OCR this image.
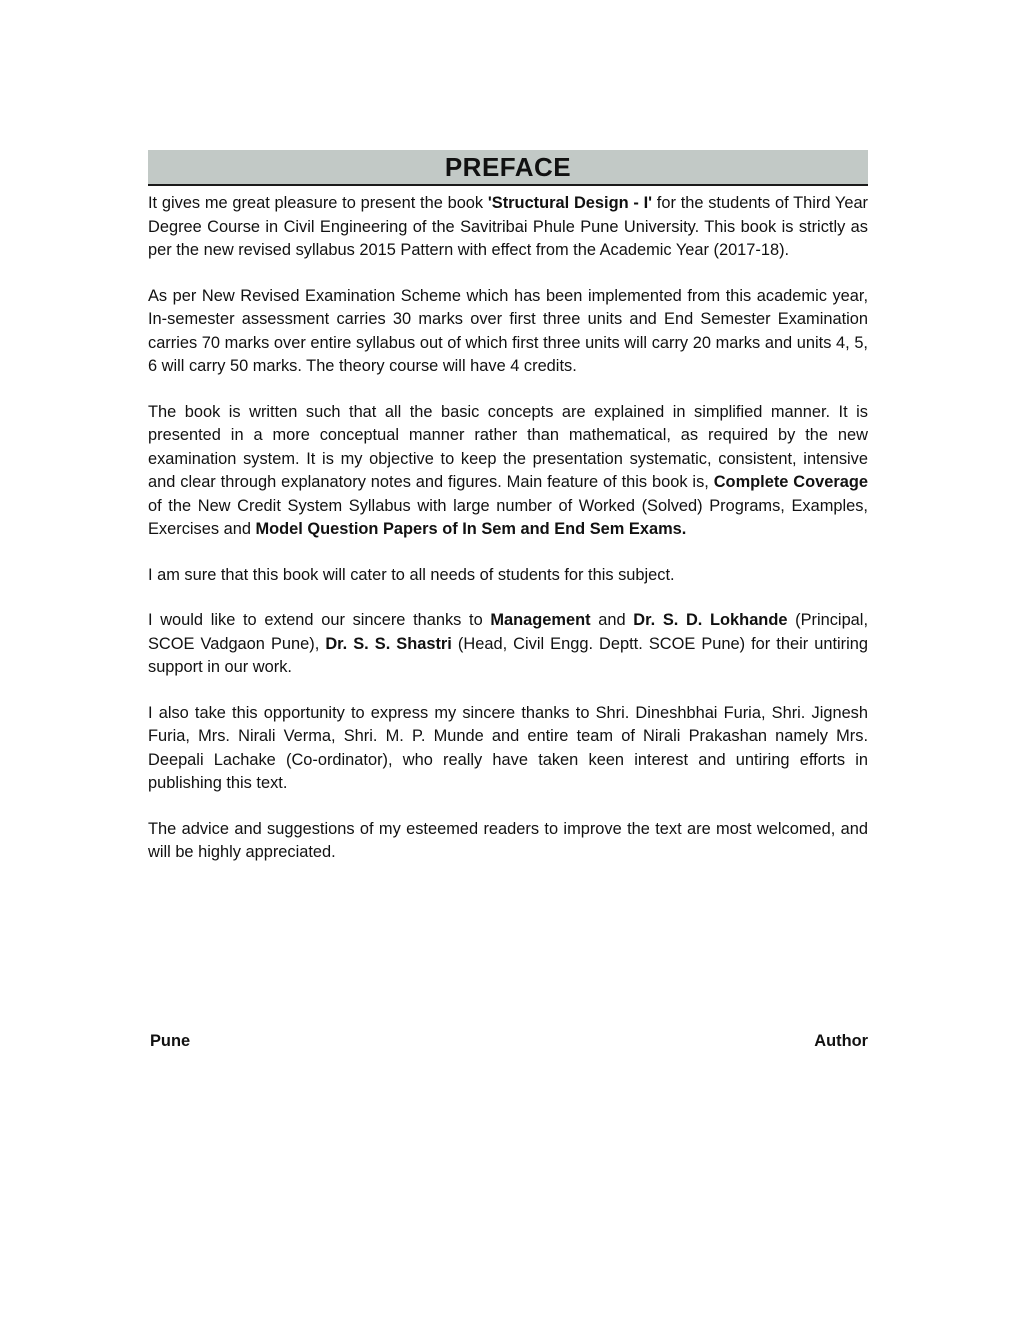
PREFACE

It gives me great pleasure to present the book 'Structural Design - I' for the students of Third Year Degree Course in Civil Engineering of the Savitribai Phule Pune University. This book is strictly as per the new revised syllabus 2015 Pattern with effect from the Academic Year (2017-18).

As per New Revised Examination Scheme which has been implemented from this academic year, In-semester assessment carries 30 marks over first three units and End Semester Examination carries 70 marks over entire syllabus out of which first three units will carry 20 marks and units 4, 5, 6 will carry 50 marks. The theory course will have 4 credits.

The book is written such that all the basic concepts are explained in simplified manner. It is presented in a more conceptual manner rather than mathematical, as required by the new examination system. It is my objective to keep the presentation systematic, consistent, intensive and clear through explanatory notes and figures. Main feature of this book is, Complete Coverage of the New Credit System Syllabus with large number of Worked (Solved) Programs, Examples, Exercises and Model Question Papers of In Sem and End Sem Exams.

I am sure that this book will cater to all needs of students for this subject.

I would like to extend our sincere thanks to Management and Dr. S. D. Lokhande (Principal, SCOE Vadgaon Pune), Dr. S. S. Shastri (Head, Civil Engg. Deptt. SCOE Pune) for their untiring support in our work.

I also take this opportunity to express my sincere thanks to Shri. Dineshbhai Furia, Shri. Jignesh Furia, Mrs. Nirali Verma, Shri. M. P. Munde and entire team of Nirali Prakashan namely Mrs. Deepali Lachake (Co-ordinator), who really have taken keen interest and untiring efforts in publishing this text.

The advice and suggestions of my esteemed readers to improve the text are most welcomed, and will be highly appreciated.

Pune	Author
